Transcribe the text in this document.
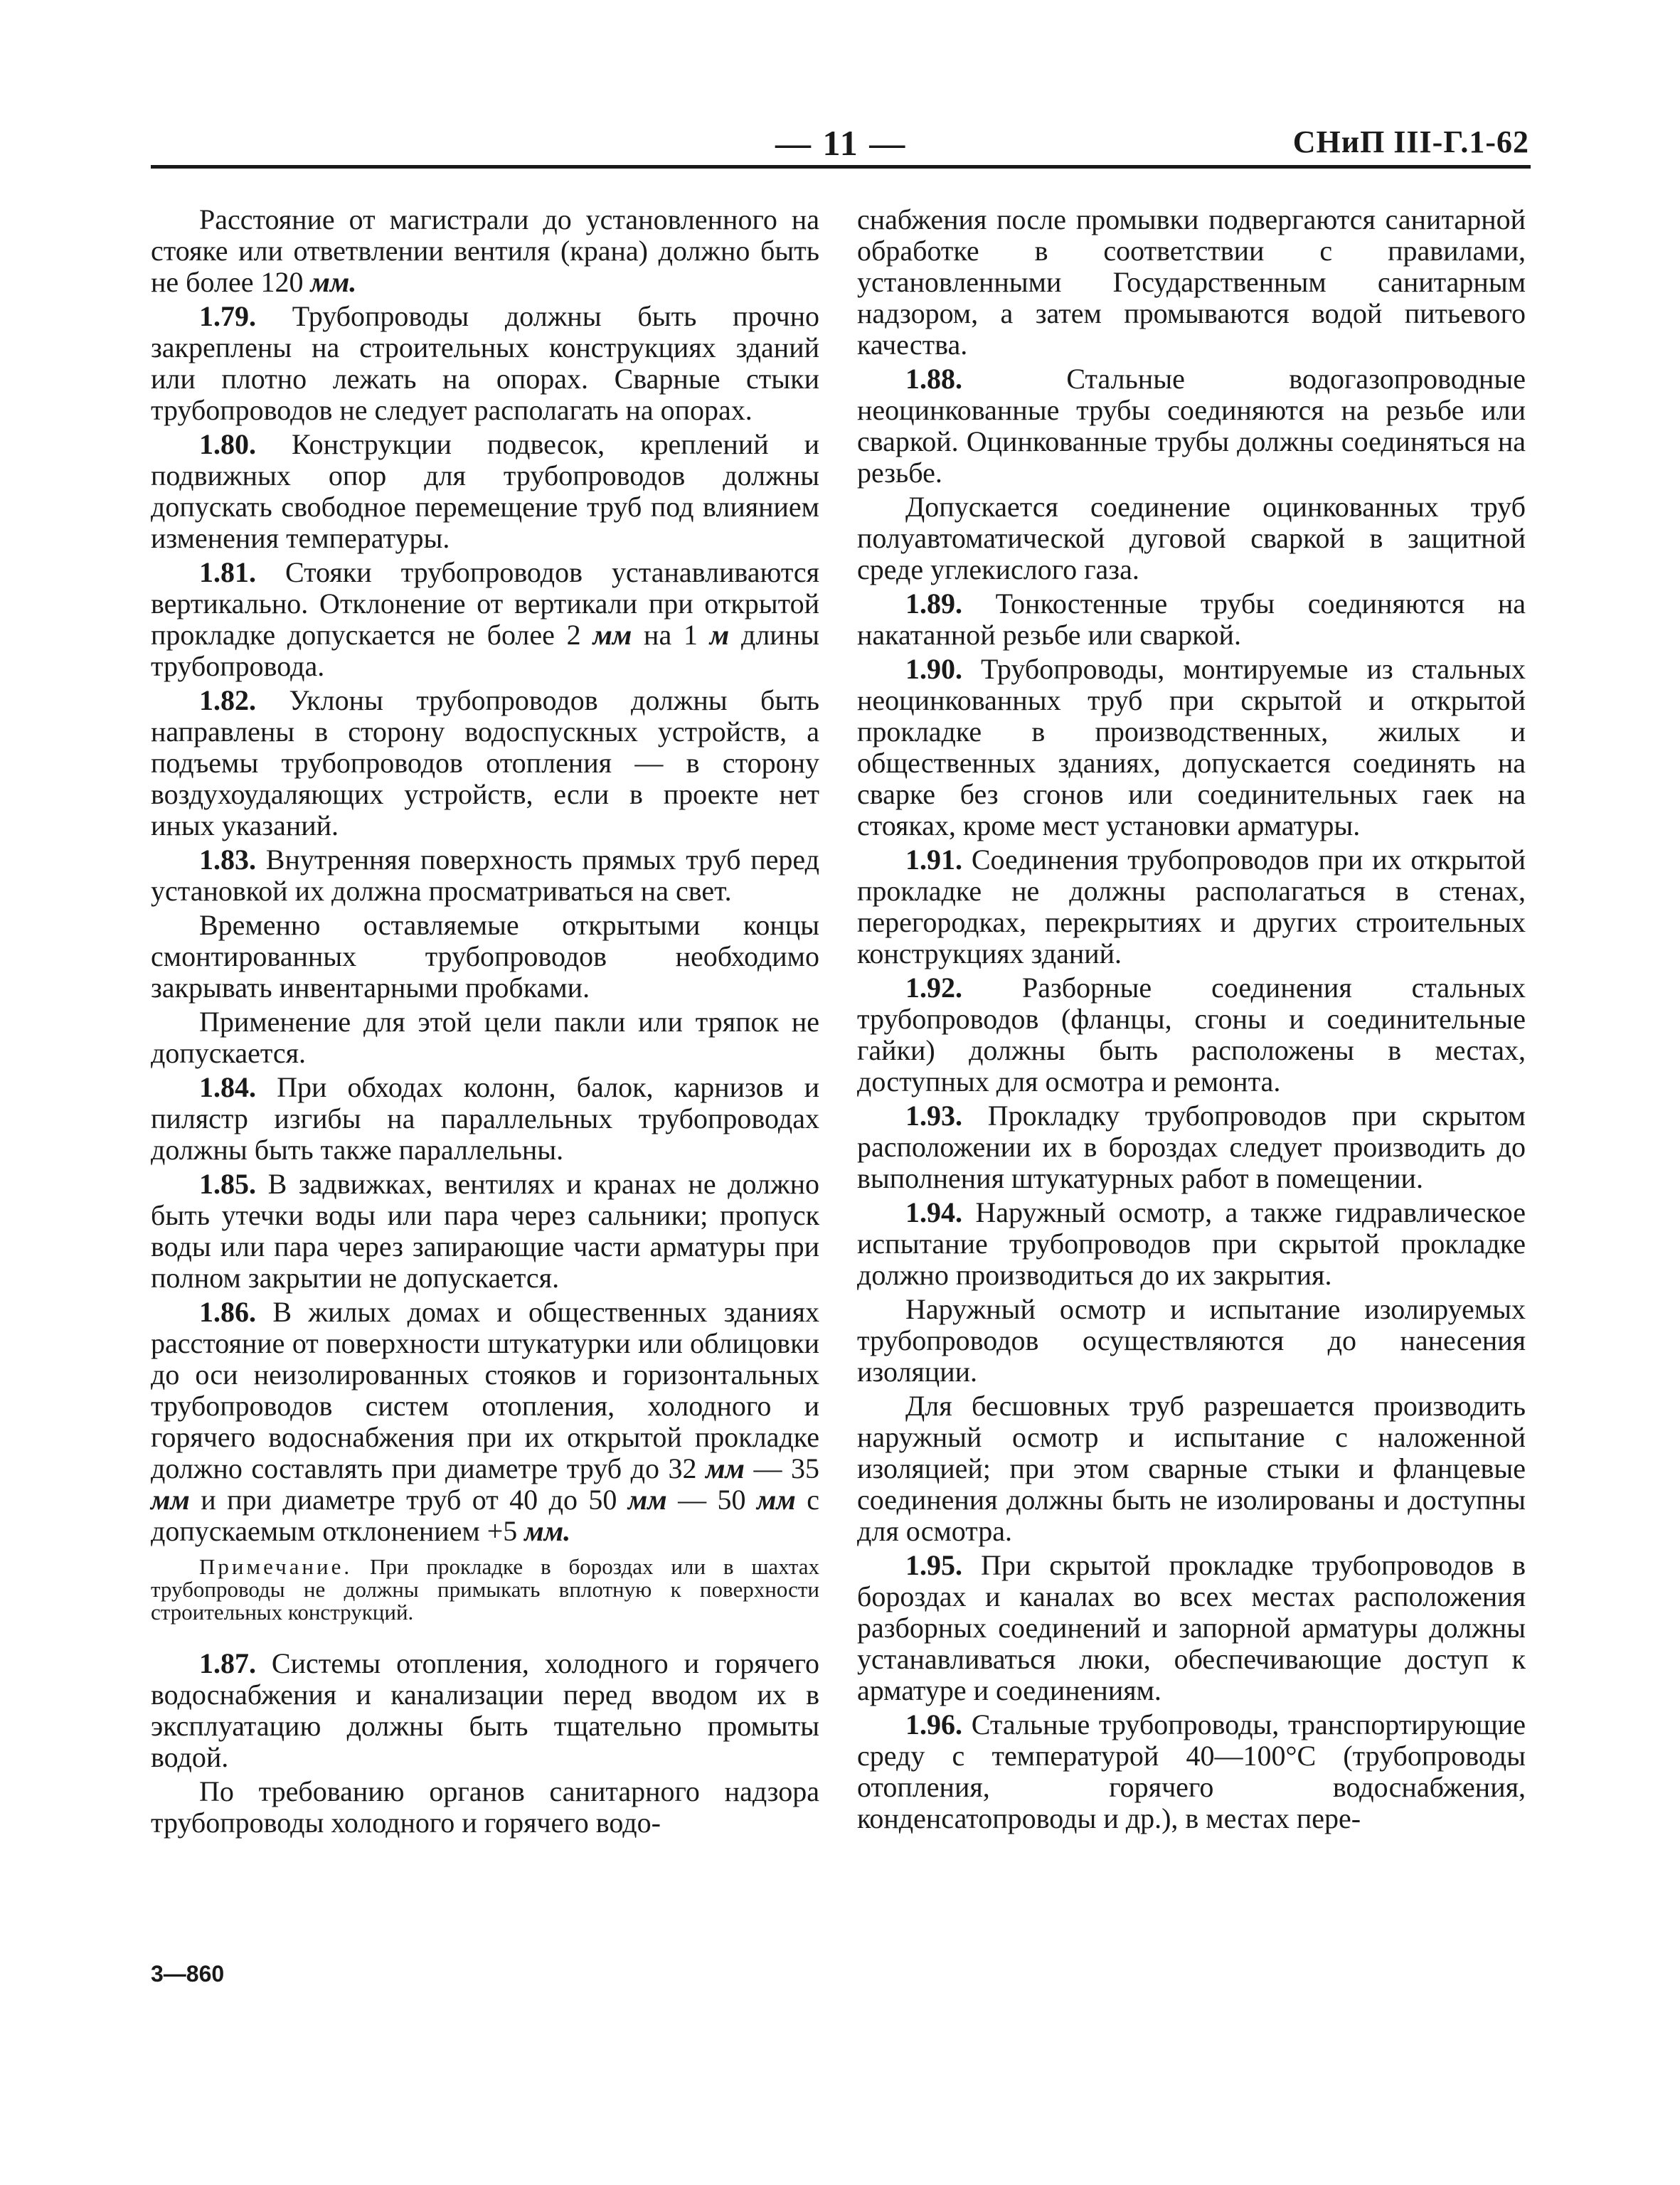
— 11 —	СНиП III-Г.1-62

Расстояние от магистрали до установленного на стояке или ответвлении вентиля (крана) должно быть не более 120 мм.

1.79. Трубопроводы должны быть прочно закреплены на строительных конструкциях зданий или плотно лежать на опорах. Сварные стыки трубопроводов не следует располагать на опорах.

1.80. Конструкции подвесок, креплений и подвижных опор для трубопроводов должны допускать свободное перемещение труб под влиянием изменения температуры.

1.81. Стояки трубопроводов устанавливаются вертикально. Отклонение от вертикали при открытой прокладке допускается не более 2 мм на 1 м длины трубопровода.

1.82. Уклоны трубопроводов должны быть направлены в сторону водоспускных устройств, а подъемы трубопроводов отопления — в сторону воздухоудаляющих устройств, если в проекте нет иных указаний.

1.83. Внутренняя поверхность прямых труб перед установкой их должна просматриваться на свет.

Временно оставляемые открытыми концы смонтированных трубопроводов необходимо закрывать инвентарными пробками.

Применение для этой цели пакли или тряпок не допускается.

1.84. При обходах колонн, балок, карнизов и пилястр изгибы на параллельных трубопроводах должны быть также параллельны.

1.85. В задвижках, вентилях и кранах не должно быть утечки воды или пара через сальники; пропуск воды или пара через запирающие части арматуры при полном закрытии не допускается.

1.86. В жилых домах и общественных зданиях расстояние от поверхности штукатурки или облицовки до оси неизолированных стояков и горизонтальных трубопроводов систем отопления, холодного и горячего водоснабжения при их открытой прокладке должно составлять при диаметре труб до 32 мм — 35 мм и при диаметре труб от 40 до 50 мм — 50 мм с допускаемым отклонением +5 мм.

Примечание. При прокладке в бороздах или в шахтах трубопроводы не должны примыкать вплотную к поверхности строительных конструкций.

1.87. Системы отопления, холодного и горячего водоснабжения и канализации перед вводом их в эксплуатацию должны быть тщательно промыты водой.

По требованию органов санитарного надзора трубопроводы холодного и горячего водо-

снабжения после промывки подвергаются санитарной обработке в соответствии с правилами, установленными Государственным санитарным надзором, а затем промываются водой питьевого качества.

1.88. Стальные водогазопроводные неоцинкованные трубы соединяются на резьбе или сваркой. Оцинкованные трубы должны соединяться на резьбе.

Допускается соединение оцинкованных труб полуавтоматической дуговой сваркой в защитной среде углекислого газа.

1.89. Тонкостенные трубы соединяются на накатанной резьбе или сваркой.

1.90. Трубопроводы, монтируемые из стальных неоцинкованных труб при скрытой и открытой прокладке в производственных, жилых и общественных зданиях, допускается соединять на сварке без сгонов или соединительных гаек на стояках, кроме мест установки арматуры.

1.91. Соединения трубопроводов при их открытой прокладке не должны располагаться в стенах, перегородках, перекрытиях и других строительных конструкциях зданий.

1.92. Разборные соединения стальных трубопроводов (фланцы, сгоны и соединительные гайки) должны быть расположены в местах, доступных для осмотра и ремонта.

1.93. Прокладку трубопроводов при скрытом расположении их в бороздах следует производить до выполнения штукатурных работ в помещении.

1.94. Наружный осмотр, а также гидравлическое испытание трубопроводов при скрытой прокладке должно производиться до их закрытия.

Наружный осмотр и испытание изолируемых трубопроводов осуществляются до нанесения изоляции.

Для бесшовных труб разрешается производить наружный осмотр и испытание с наложенной изоляцией; при этом сварные стыки и фланцевые соединения должны быть не изолированы и доступны для осмотра.

1.95. При скрытой прокладке трубопроводов в бороздах и каналах во всех местах расположения разборных соединений и запорной арматуры должны устанавливаться люки, обеспечивающие доступ к арматуре и соединениям.

1.96. Стальные трубопроводы, транспортирующие среду с температурой 40—100°С (трубопроводы отопления, горячего водоснабжения, конденсатопроводы и др.), в местах пере-

3—860
